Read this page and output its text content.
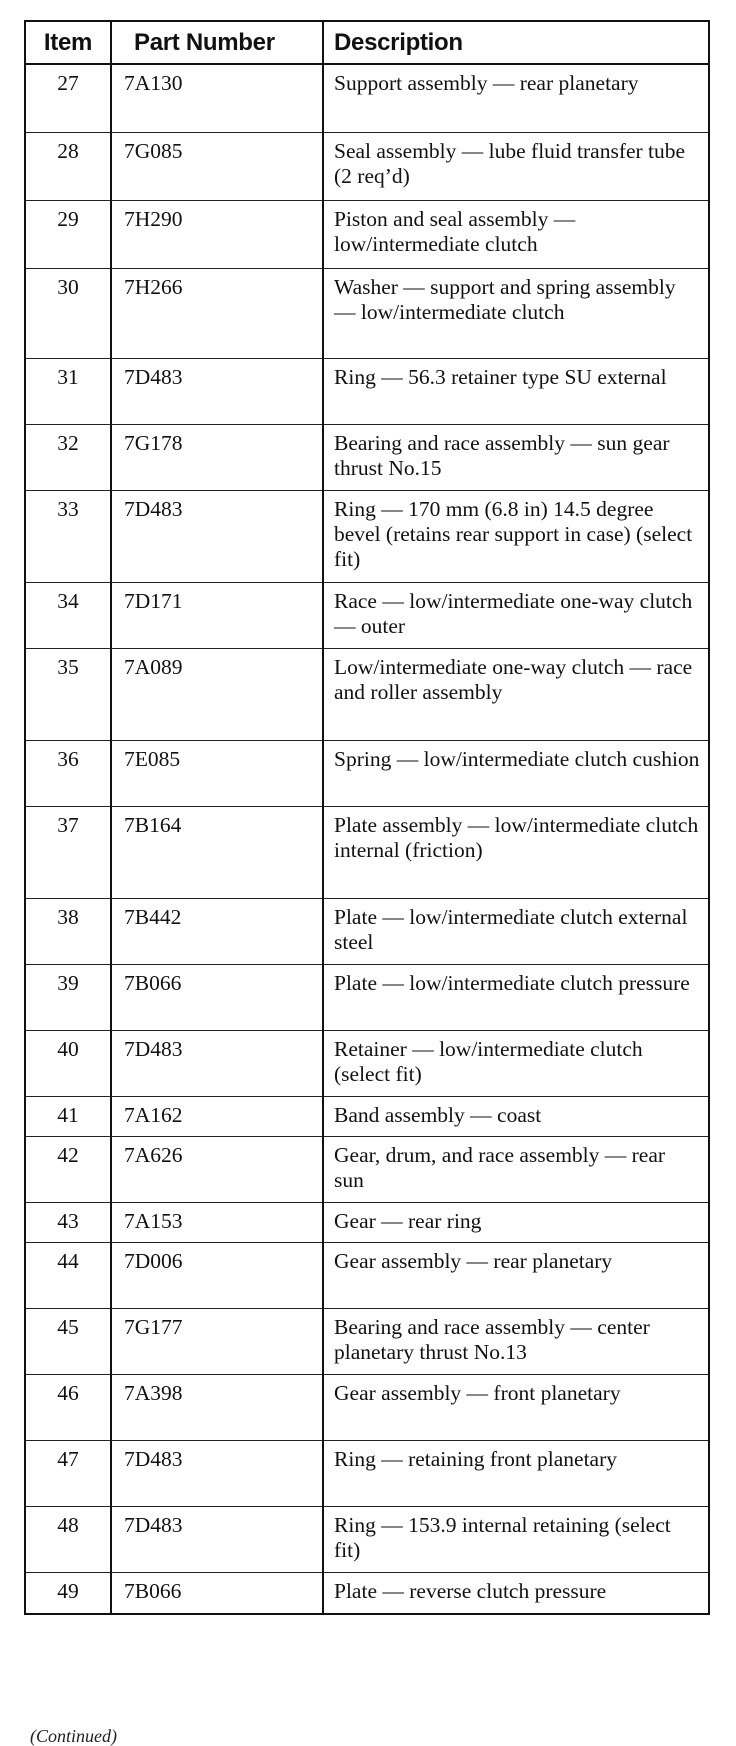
Item	Part Number	Description
27	7A130	Support assembly — rear planetary
28	7G085	Seal assembly — lube fluid transfer tube (2 req’d)
29	7H290	Piston and seal assembly — low/intermediate clutch
30	7H266	Washer — support and spring assembly — low/intermediate clutch
31	7D483	Ring — 56.3 retainer type SU external
32	7G178	Bearing and race assembly — sun gear thrust No.15
33	7D483	Ring — 170 mm (6.8 in) 14.5 degree bevel (retains rear support in case) (select fit)
34	7D171	Race — low/intermediate one-way clutch — outer
35	7A089	Low/intermediate one-way clutch — race and roller assembly
36	7E085	Spring — low/intermediate clutch cushion
37	7B164	Plate assembly — low/intermediate clutch internal (friction)
38	7B442	Plate — low/intermediate clutch external steel
39	7B066	Plate — low/intermediate clutch pressure
40	7D483	Retainer — low/intermediate clutch (select fit)
41	7A162	Band assembly — coast
42	7A626	Gear, drum, and race assembly — rear sun
43	7A153	Gear — rear ring
44	7D006	Gear assembly — rear planetary
45	7G177	Bearing and race assembly — center planetary thrust No.13
46	7A398	Gear assembly — front planetary
47	7D483	Ring — retaining front planetary
48	7D483	Ring — 153.9 internal retaining (select fit)
49	7B066	Plate — reverse clutch pressure
(Continued)
